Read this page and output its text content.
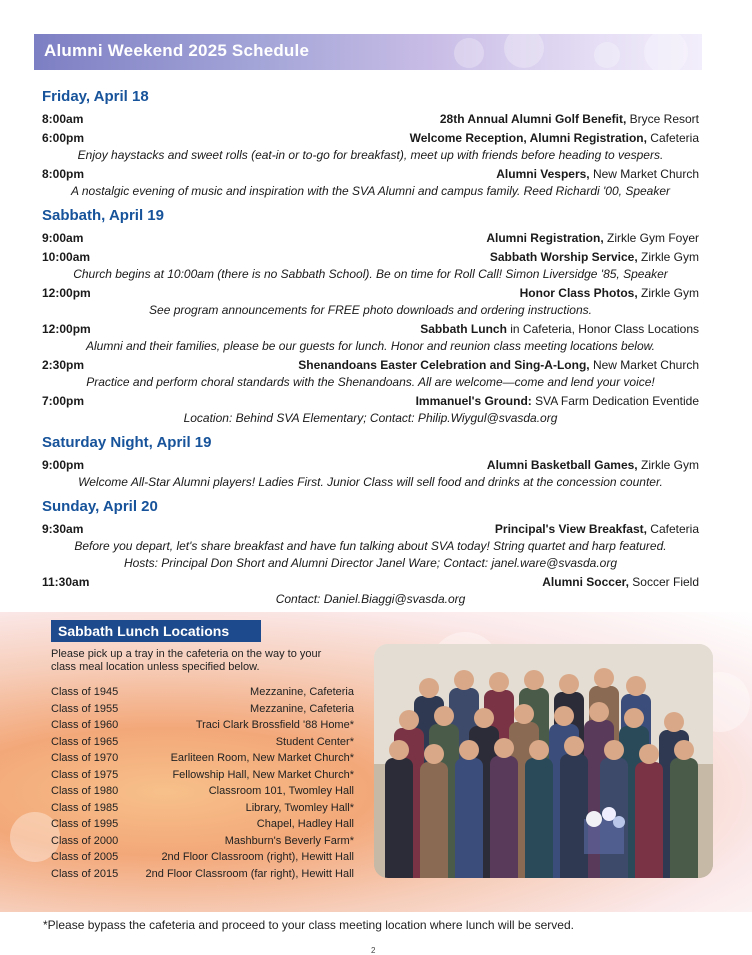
Alumni Weekend 2025 Schedule
Friday, April 18
8:00am	28th Annual Alumni Golf Benefit, Bryce Resort
6:00pm	Welcome Reception, Alumni Registration, Cafeteria
Enjoy haystacks and sweet rolls (eat-in or to-go for breakfast), meet up with friends before heading to vespers.
8:00pm	Alumni Vespers, New Market Church
A nostalgic evening of music and inspiration with the SVA Alumni and campus family. Reed Richardi '00, Speaker
Sabbath, April 19
9:00am	Alumni Registration, Zirkle Gym Foyer
10:00am	Sabbath Worship Service, Zirkle Gym
Church begins at 10:00am (there is no Sabbath School). Be on time for Roll Call! Simon Liversidge '85, Speaker
12:00pm	Honor Class Photos, Zirkle Gym
See program announcements for FREE photo downloads and ordering instructions.
12:00pm	Sabbath Lunch in Cafeteria, Honor Class Locations
Alumni and their families, please be our guests for lunch. Honor and reunion class meeting locations below.
2:30pm	Shenandoans Easter Celebration and Sing-A-Long, New Market Church
Practice and perform choral standards with the Shenandoans. All are welcome—come and lend your voice!
7:00pm	Immanuel's Ground: SVA Farm Dedication Eventide
Location: Behind SVA Elementary; Contact: Philip.Wiygul@svasda.org
Saturday Night, April 19
9:00pm	Alumni Basketball Games, Zirkle Gym
Welcome All-Star Alumni players! Ladies First. Junior Class will sell food and drinks at the concession counter.
Sunday, April 20
9:30am	Principal's View Breakfast, Cafeteria
Before you depart, let's share breakfast and have fun talking about SVA today! String quartet and harp featured.
Hosts: Principal Don Short and Alumni Director Janel Ware; Contact: janel.ware@svasda.org
11:30am	Alumni Soccer, Soccer Field
Contact: Daniel.Biaggi@svasda.org
Sabbath Lunch Locations
Please pick up a tray in the cafeteria on the way to your class meal location unless specified below.
Class of 1945	Mezzanine, Cafeteria
Class of 1955	Mezzanine, Cafeteria
Class of 1960	Traci Clark Brossfield '88 Home*
Class of 1965	Student Center*
Class of 1970	Earliteen Room, New Market Church*
Class of 1975	Fellowship Hall, New Market Church*
Class of 1980	Classroom 101, Twomley Hall
Class of 1985	Library, Twomley Hall*
Class of 1995	Chapel, Hadley Hall
Class of 2000	Mashburn's Beverly Farm*
Class of 2005	2nd Floor Classroom (right), Hewitt Hall
Class of 2015 2nd Floor Classroom (far right), Hewitt Hall
*Please bypass the cafeteria and proceed to your class meeting location where lunch will be served.
2
